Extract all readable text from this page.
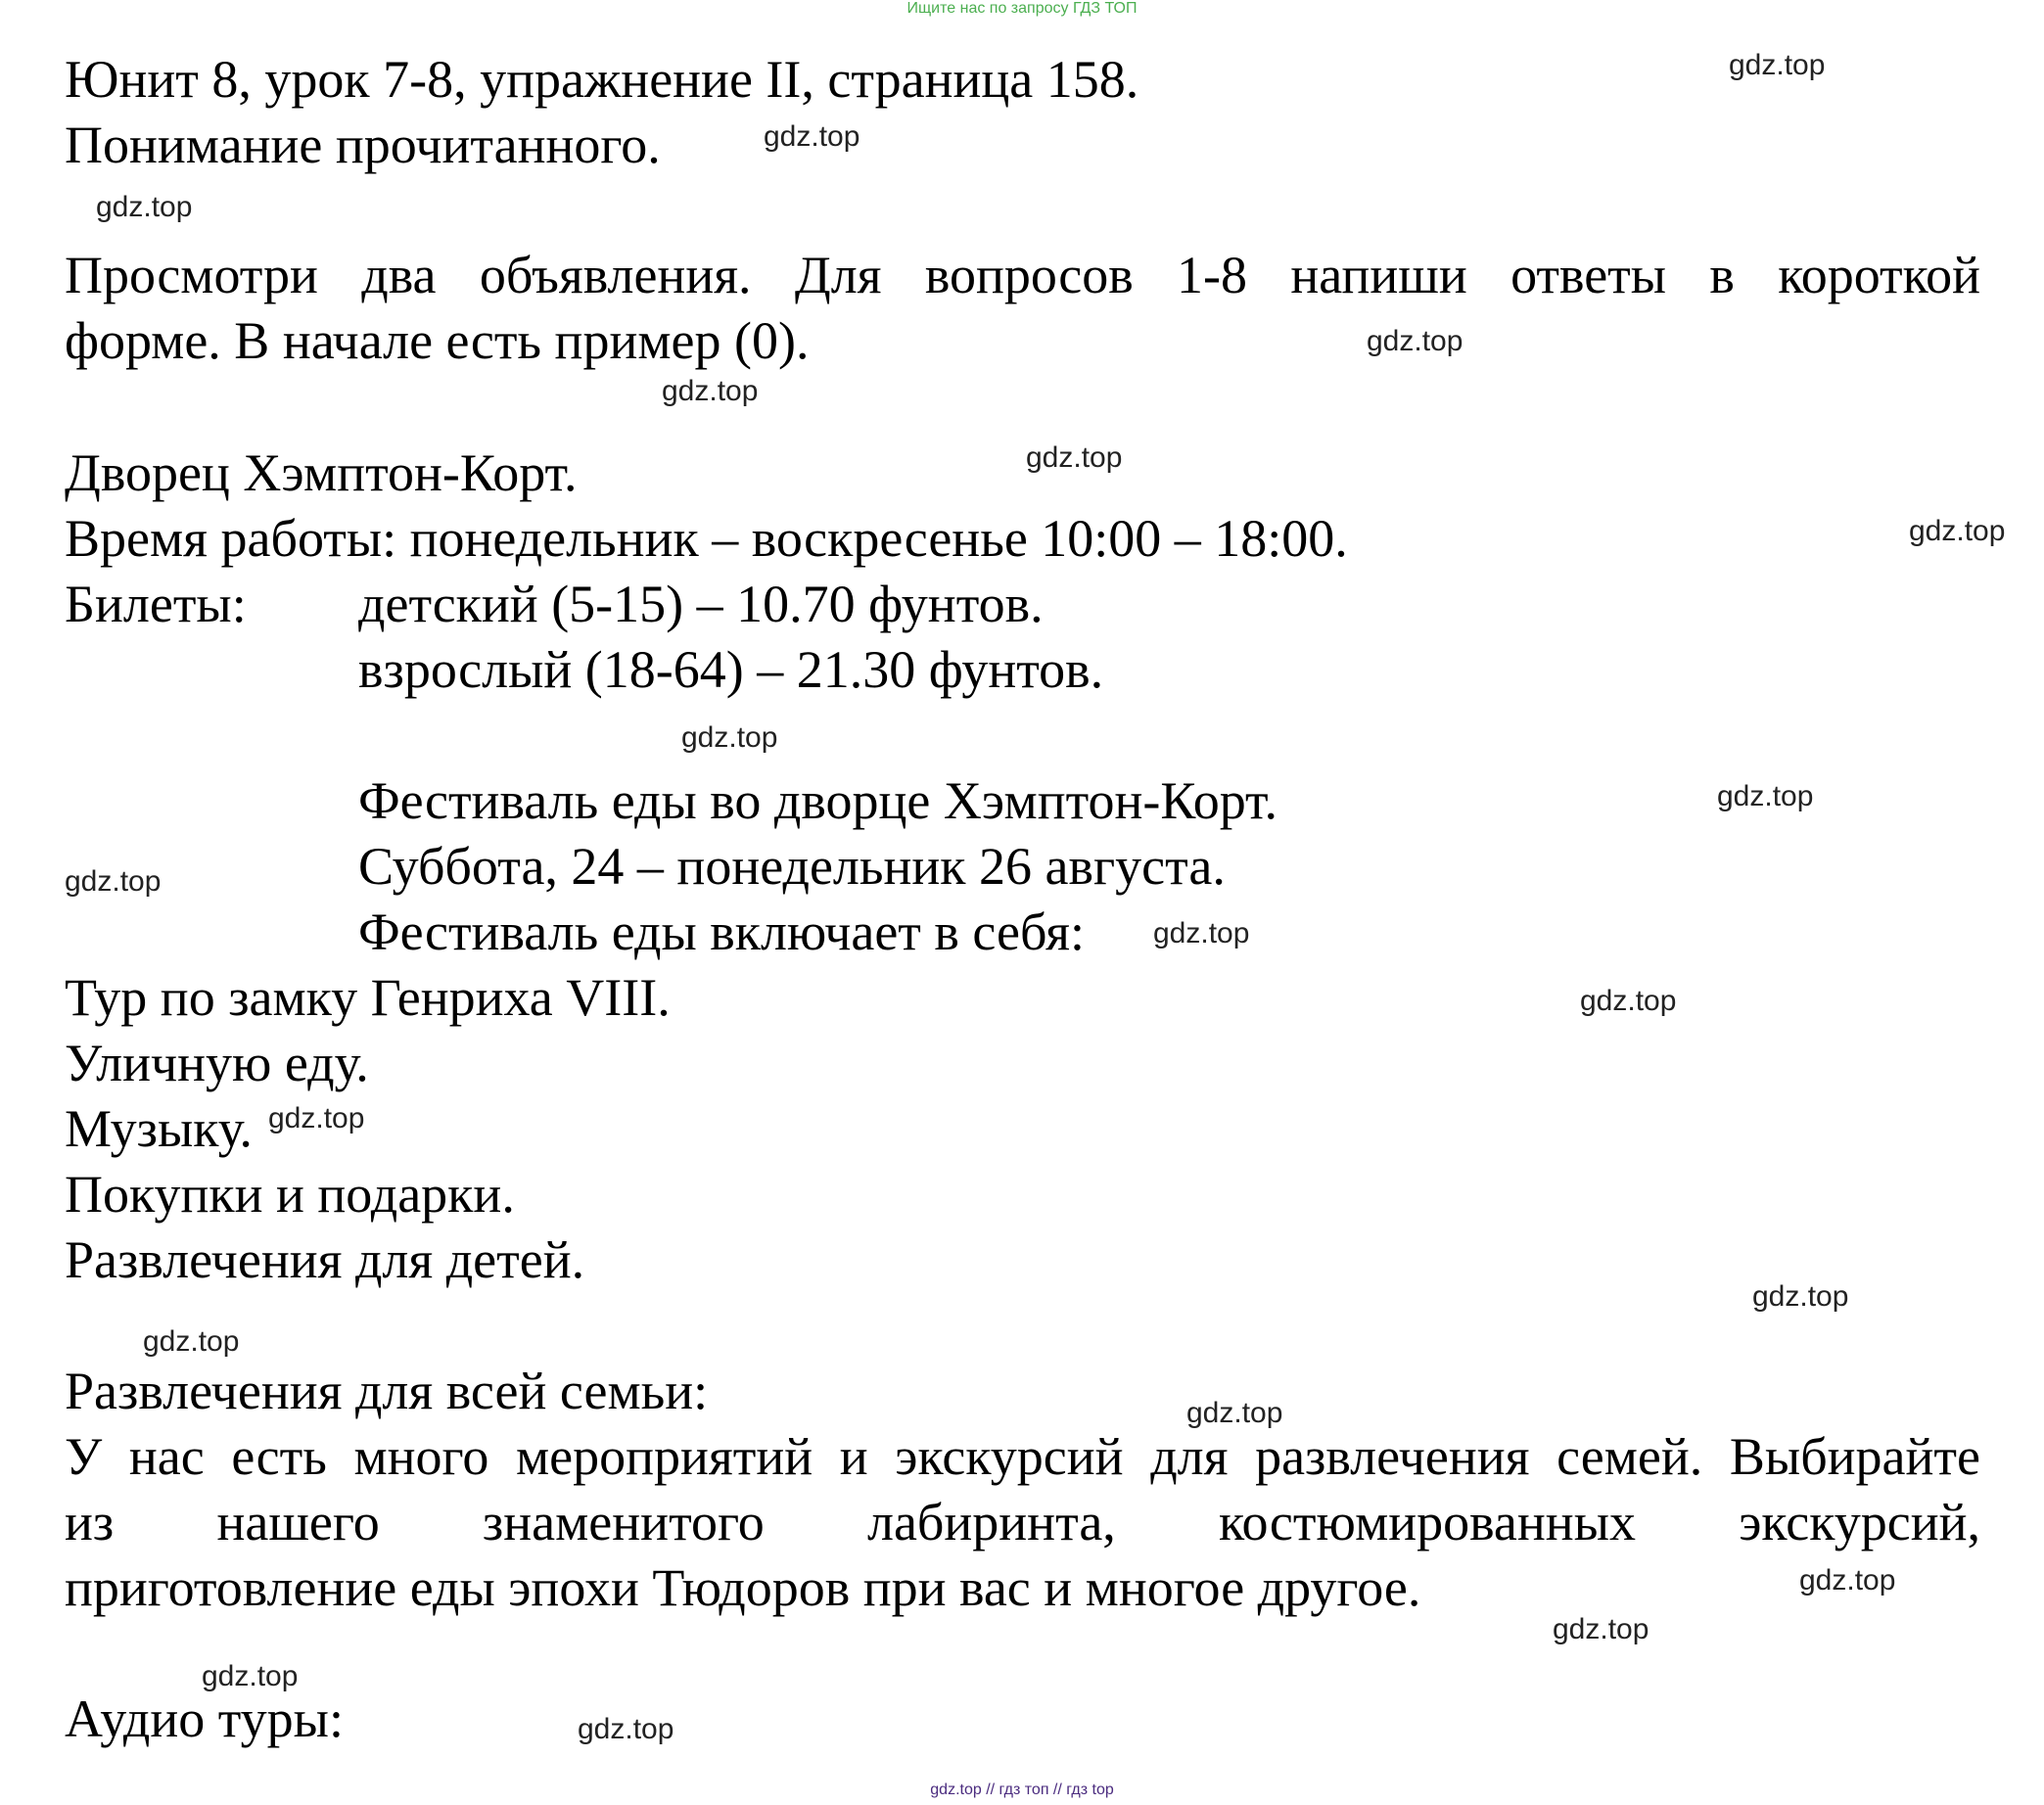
Ищите нас по запросу ГДЗ ТОП

Юнит 8, урок 7-8, упражнение II, страница 158.

Понимание прочитанного.

Просмотри два объявления. Для вопросов 1-8 напиши ответы в короткой

форме. В начале есть пример (0).

Дворец Хэмптон-Корт.

Время работы: понедельник – воскресенье 10:00 – 18:00.

Билеты: детский (5-15) – 10.70 фунтов.

взрослый (18-64) – 21.30 фунтов.

Фестиваль еды во дворце Хэмптон-Корт.

Суббота, 24 – понедельник 26 августа.

Фестиваль еды включает в себя:

Тур по замку Генриха VIII.

Уличную еду.

Музыку.

Покупки и подарки.

Развлечения для детей.

Развлечения для всей семьи:

У нас есть много мероприятий и экскурсий для развлечения семей. Выбирайте

из нашего знаменитого лабиринта, костюмированных экскурсий,

приготовление еды эпохи Тюдоров при вас и многое другое.

Аудио туры:

gdz.top
gdz.top
gdz.top
gdz.top
gdz.top
gdz.top
gdz.top
gdz.top
gdz.top
gdz.top
gdz.top
gdz.top
gdz.top
gdz.top
gdz.top
gdz.top
gdz.top
gdz.top
gdz.top
gdz.top
gdz.top // гдз топ // гдз top
